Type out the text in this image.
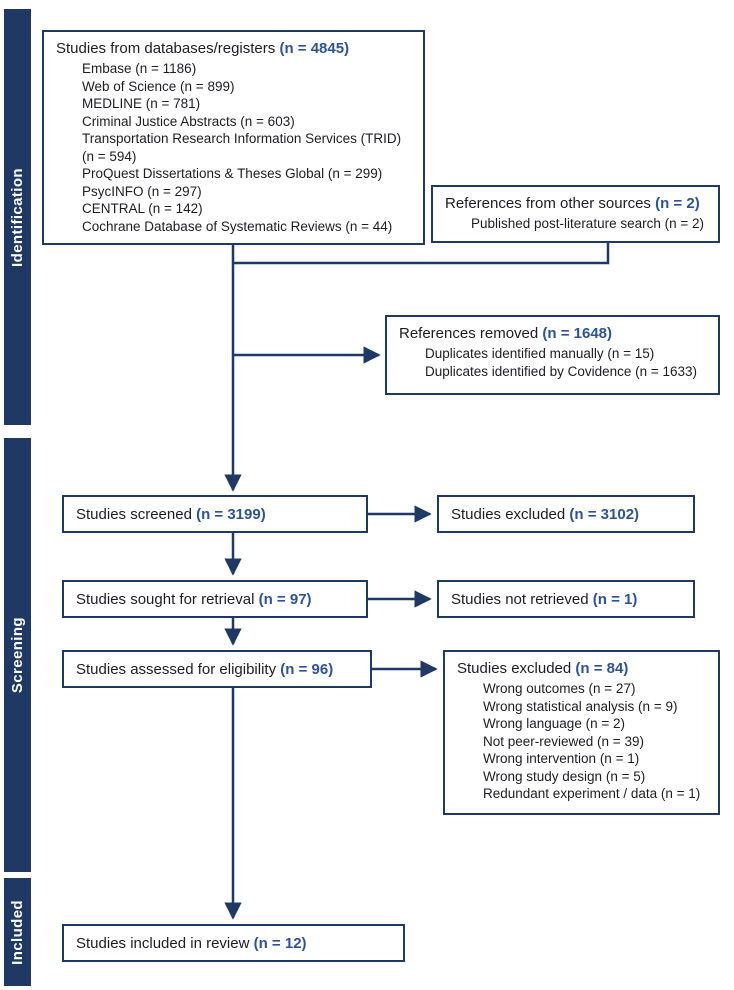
Identification
Screening
Included
Studies from databases/registers (n = 4845)
Embase (n = 1186)
Web of Science (n = 899)
MEDLINE (n = 781)
Criminal Justice Abstracts (n = 603)
Transportation Research Information Services (TRID) (n = 594)
ProQuest Dissertations & Theses Global (n = 299)
PsycINFO (n = 297)
CENTRAL (n = 142)
Cochrane Database of Systematic Reviews (n = 44)
References from other sources (n = 2)
Published post-literature search (n = 2)
References removed (n = 1648)
Duplicates identified manually (n = 15)
Duplicates identified by Covidence (n = 1633)
Studies screened (n = 3199)	Studies excluded (n = 3102)
Studies sought for retrieval (n = 97)	Studies not retrieved (n = 1)
Studies assessed for eligibility (n = 96)	Studies excluded (n = 84)
Wrong outcomes (n = 27)
Wrong statistical analysis (n = 9)
Wrong language (n = 2)
Not peer-reviewed (n = 39)
Wrong intervention (n = 1)
Wrong study design (n = 5)
Redundant experiment / data (n = 1)
Studies included in review (n = 12)
